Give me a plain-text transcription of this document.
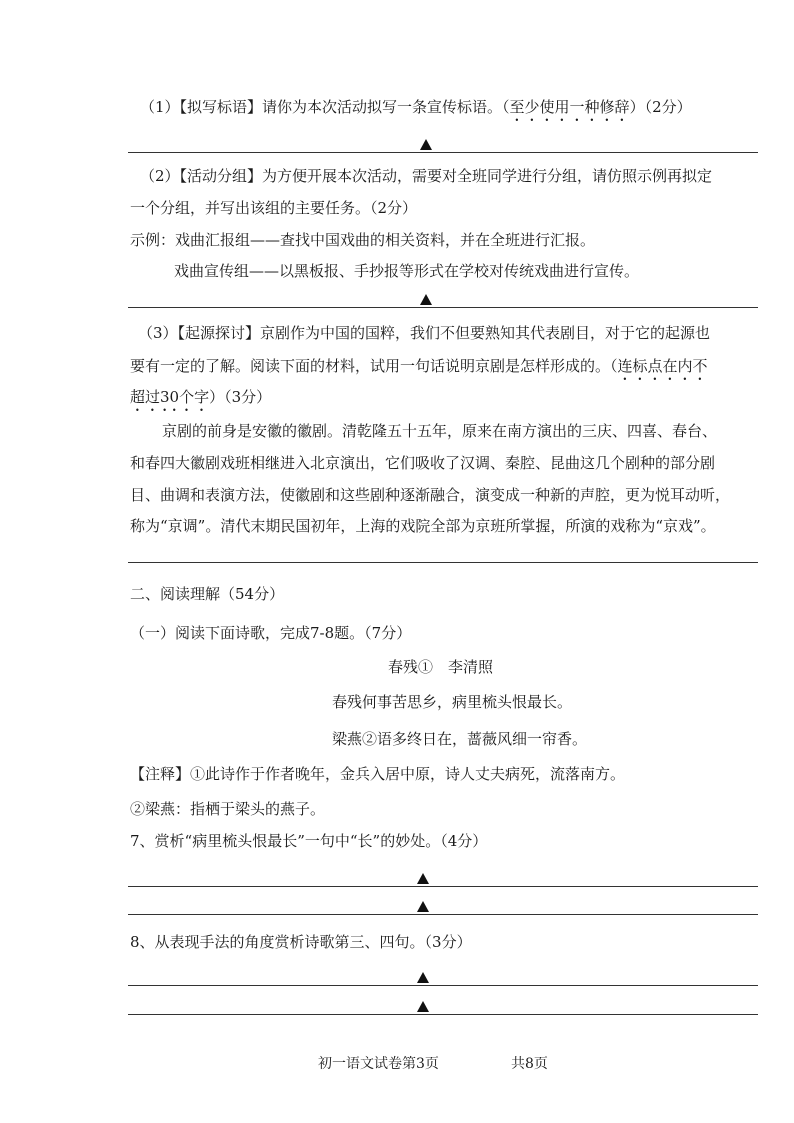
（1）【拟写标语】请你为本次活动拟写一条宣传标语。（至少使用一种修辞）（2分）
（2）【活动分组】为方便开展本次活动，需要对全班同学进行分组，请仿照示例再拟定
一个分组，并写出该组的主要任务。（2分）
示例：戏曲汇报组——查找中国戏曲的相关资料，并在全班进行汇报。
戏曲宣传组——以黑板报、手抄报等形式在学校对传统戏曲进行宣传。
（3）【起源探讨】京剧作为中国的国粹，我们不但要熟知其代表剧目，对于它的起源也
要有一定的了解。阅读下面的材料，试用一句话说明京剧是怎样形成的。（连标点在内不
超过30个字）（3分）
京剧的前身是安徽的徽剧。清乾隆五十五年，原来在南方演出的三庆、四喜、春台、
和春四大徽剧戏班相继进入北京演出，它们吸收了汉调、秦腔、昆曲这几个剧种的部分剧
目、曲调和表演方法，使徽剧和这些剧种逐渐融合，演变成一种新的声腔，更为悦耳动听，
称为“京调”。清代末期民国初年，上海的戏院全部为京班所掌握，所演的戏称为“京戏”。
二、阅读理解（54分）
（一）阅读下面诗歌，完成7-8题。（7分）
春残①　李清照
春残何事苦思乡，病里梳头恨最长。
梁燕②语多终日在，蔷薇风细一帘香。
【注释】①此诗作于作者晚年，金兵入居中原，诗人丈夫病死，流落南方。
②梁燕：指栖于梁头的燕子。
7、赏析“病里梳头恨最长”一句中“长”的妙处。（4分）
8、从表现手法的角度赏析诗歌第三、四句。（3分）
初一语文试卷第3页	共8页
